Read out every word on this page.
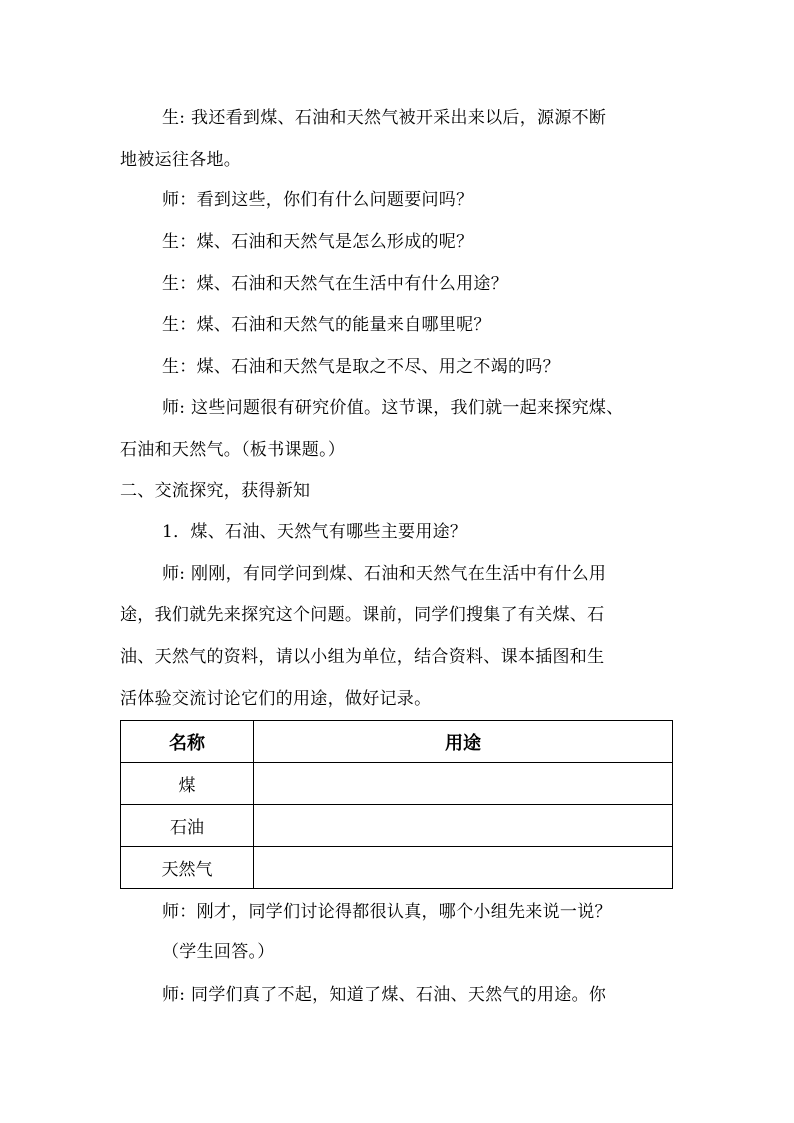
生: 我还看到煤、石油和天然气被开采出来以后，源源不断
地被运往各地。
师：看到这些，你们有什么问题要问吗？
生：煤、石油和天然气是怎么形成的呢？
生：煤、石油和天然气在生活中有什么用途？
生：煤、石油和天然气的能量来自哪里呢？
生：煤、石油和天然气是取之不尽、用之不竭的吗？
师: 这些问题很有研究价值。这节课，我们就一起来探究煤、
石油和天然气。（板书课题。）
二、交流探究，获得新知
1．煤、石油、天然气有哪些主要用途？
师: 刚刚，有同学问到煤、石油和天然气在生活中有什么用
途，我们就先来探究这个问题。课前，同学们搜集了有关煤、石
油、天然气的资料，请以小组为单位，结合资料、课本插图和生
活体验交流讨论它们的用途，做好记录。
名称	用途
煤	
石油	
天然气	
师：刚才，同学们讨论得都很认真，哪个小组先来说一说？
（学生回答。）
师: 同学们真了不起，知道了煤、石油、天然气的用途。你
